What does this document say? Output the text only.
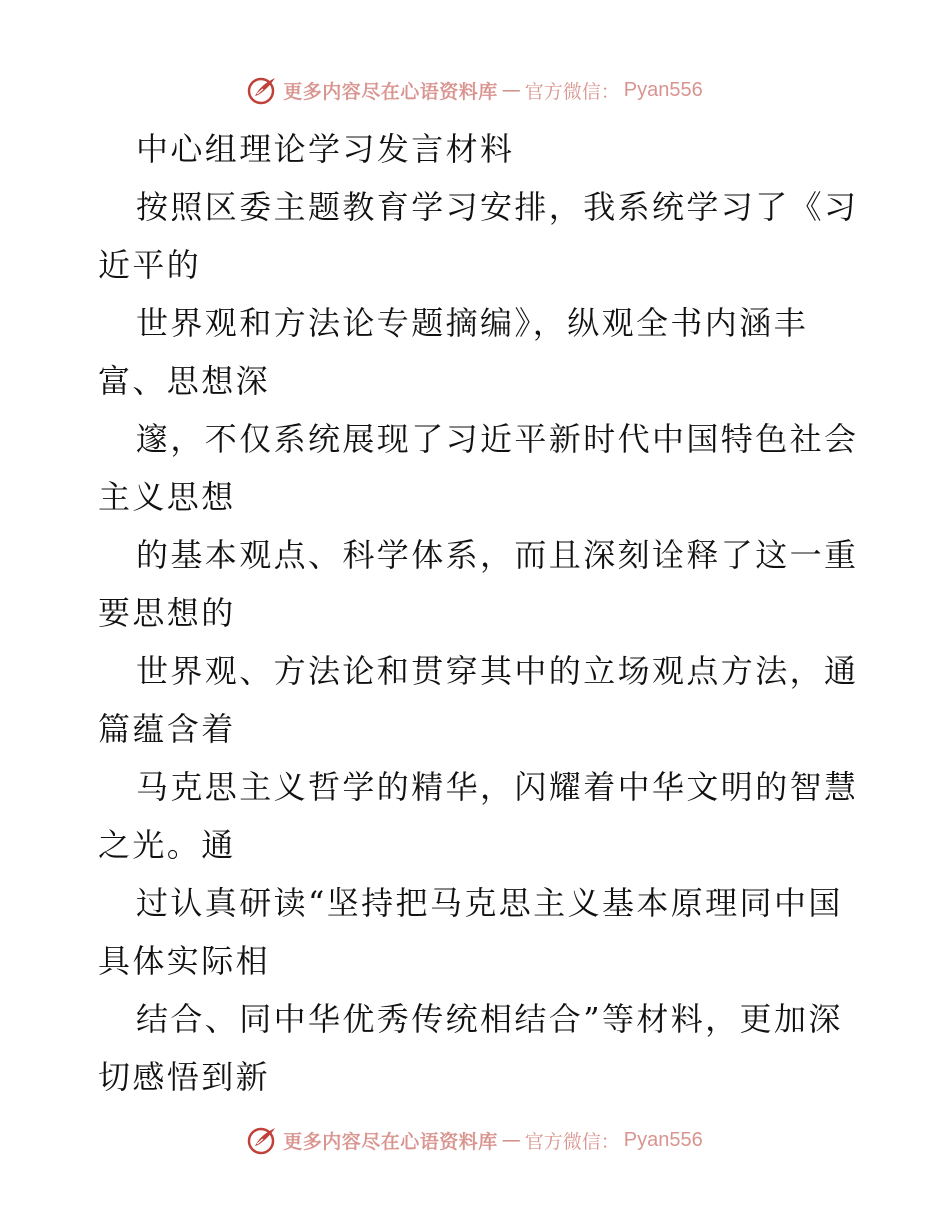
更多内容尽在心语资料库 — 官方微信： Pyan556
中心组理论学习发言材料
按照区委主题教育学习安排，我系统学习了《习
近平的
世界观和方法论专题摘编》，纵观全书内涵丰
富、思想深
邃，不仅系统展现了习近平新时代中国特色社会
主义思想
的基本观点、科学体系，而且深刻诠释了这一重
要思想的
世界观、方法论和贯穿其中的立场观点方法，通
篇蕴含着
马克思主义哲学的精华，闪耀着中华文明的智慧
之光。通
过认真研读“坚持把马克思主义基本原理同中国
具体实际相
结合、同中华优秀传统相结合”等材料，更加深
切感悟到新
更多内容尽在心语资料库 — 官方微信： Pyan556
